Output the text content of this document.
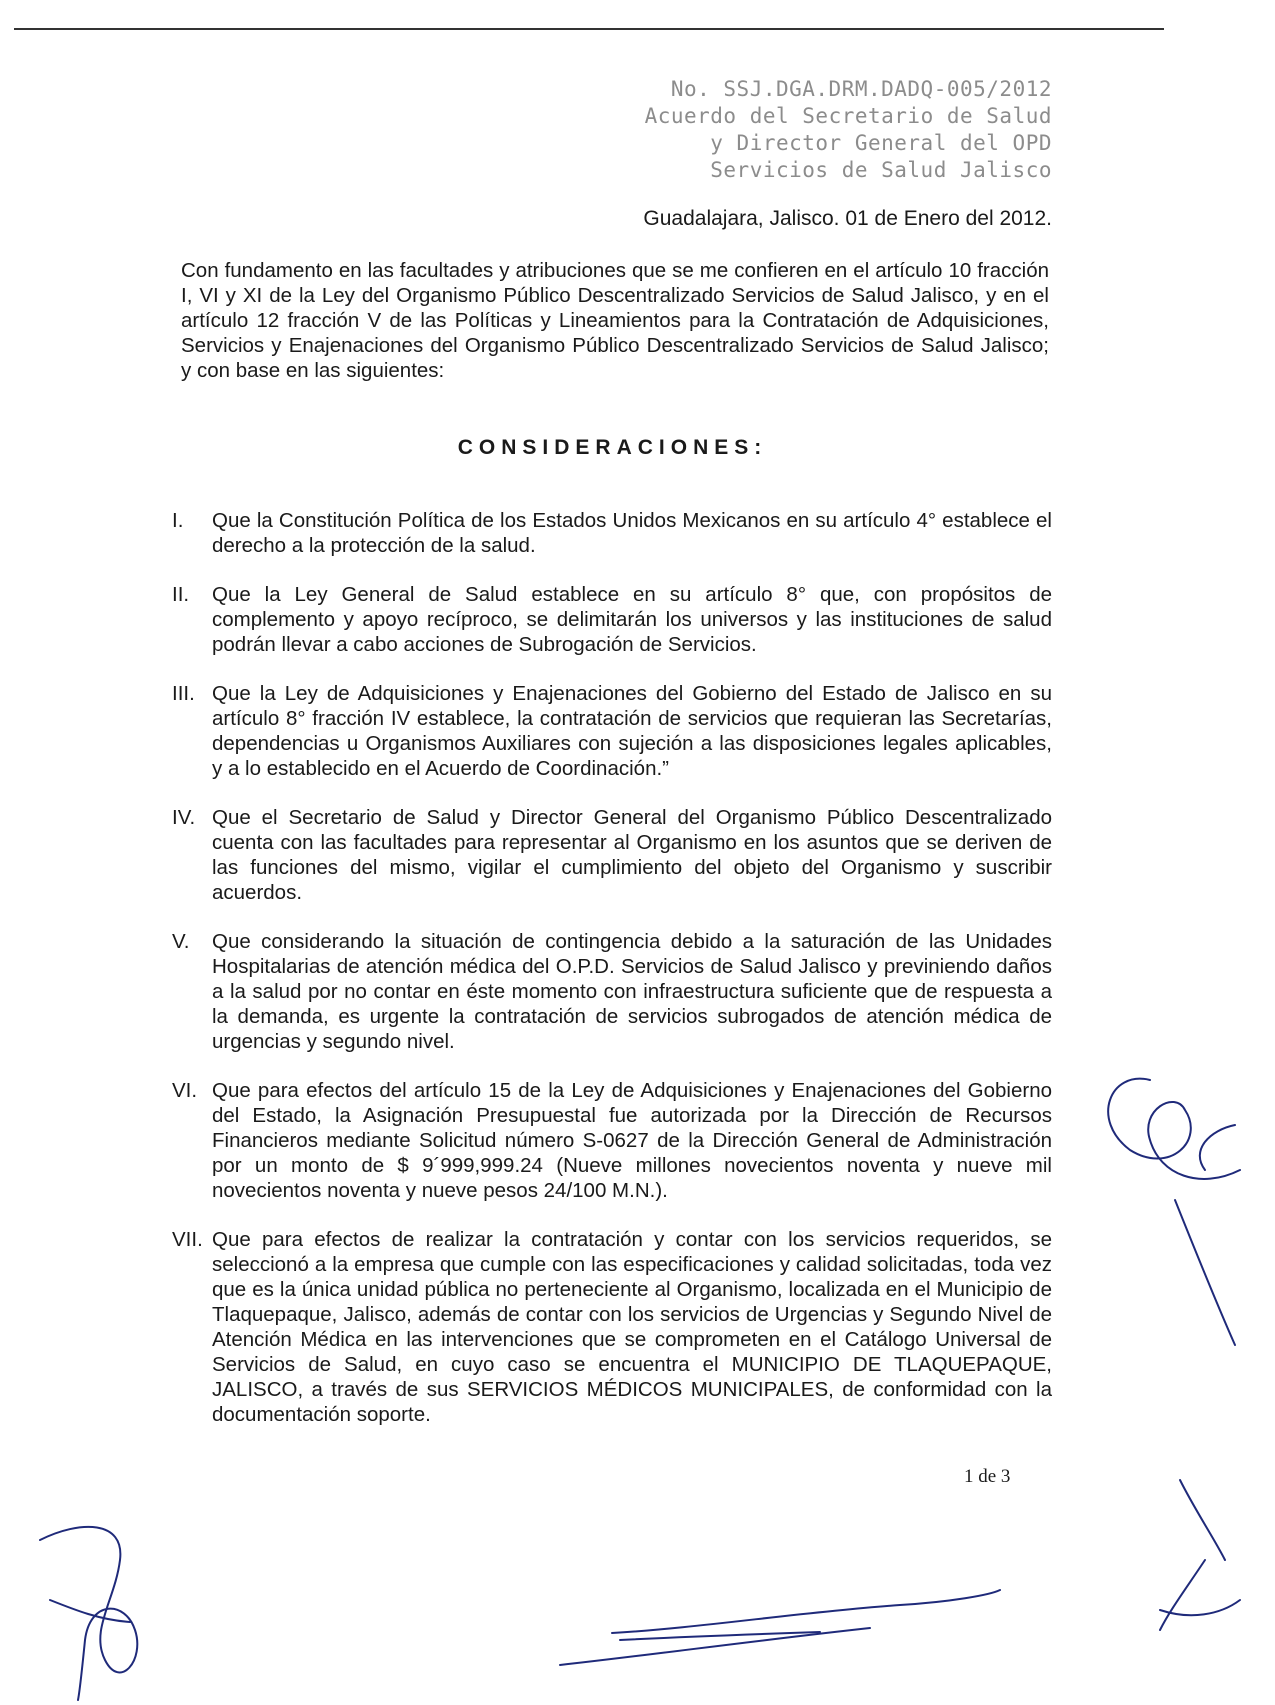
No. SSJ.DGA.DRM.DADQ-005/2012
Acuerdo del Secretario de Salud
y Director General del OPD
Servicios de Salud Jalisco
Guadalajara, Jalisco. 01 de Enero del 2012.
Con fundamento en las facultades y atribuciones que se me confieren en el artículo 10 fracción I, VI y XI de la Ley del Organismo Público Descentralizado Servicios de Salud Jalisco, y en el artículo 12 fracción V de las Políticas y Lineamientos para la Contratación de Adquisiciones, Servicios y Enajenaciones del Organismo Público Descentralizado Servicios de Salud Jalisco; y con base en las siguientes:
CONSIDERACIONES:
I. Que la Constitución Política de los Estados Unidos Mexicanos en su artículo 4° establece el derecho a la protección de la salud.
II. Que la Ley General de Salud establece en su artículo 8° que, con propósitos de complemento y apoyo recíproco, se delimitarán los universos y las instituciones de salud podrán llevar a cabo acciones de Subrogación de Servicios.
III. Que la Ley de Adquisiciones y Enajenaciones del Gobierno del Estado de Jalisco en su artículo 8° fracción IV establece, la contratación de servicios que requieran las Secretarías, dependencias u Organismos Auxiliares con sujeción a las disposiciones legales aplicables, y a lo establecido en el Acuerdo de Coordinación.”
IV. Que el Secretario de Salud y Director General del Organismo Público Descentralizado cuenta con las facultades para representar al Organismo en los asuntos que se deriven de las funciones del mismo, vigilar el cumplimiento del objeto del Organismo y suscribir acuerdos.
V. Que considerando la situación de contingencia debido a la saturación de las Unidades Hospitalarias de atención médica del O.P.D. Servicios de Salud Jalisco y previniendo daños a la salud por no contar en éste momento con infraestructura suficiente que de respuesta a la demanda, es urgente la contratación de servicios subrogados de atención médica de urgencias y segundo nivel.
VI. Que para efectos del artículo 15 de la Ley de Adquisiciones y Enajenaciones del Gobierno del Estado, la Asignación Presupuestal fue autorizada por la Dirección de Recursos Financieros mediante Solicitud número S-0627 de la Dirección General de Administración por un monto de $ 9´999,999.24 (Nueve millones novecientos noventa y nueve mil novecientos noventa y nueve pesos 24/100 M.N.).
VII. Que para efectos de realizar la contratación y contar con los servicios requeridos, se seleccionó a la empresa que cumple con las especificaciones y calidad solicitadas, toda vez que es la única unidad pública no perteneciente al Organismo, localizada en el Municipio de Tlaquepaque, Jalisco, además de contar con los servicios de Urgencias y Segundo Nivel de Atención Médica en las intervenciones que se comprometen en el Catálogo Universal de Servicios de Salud, en cuyo caso se encuentra el MUNICIPIO DE TLAQUEPAQUE, JALISCO, a través de sus SERVICIOS MÉDICOS MUNICIPALES, de conformidad con la documentación soporte.
1 de 3
